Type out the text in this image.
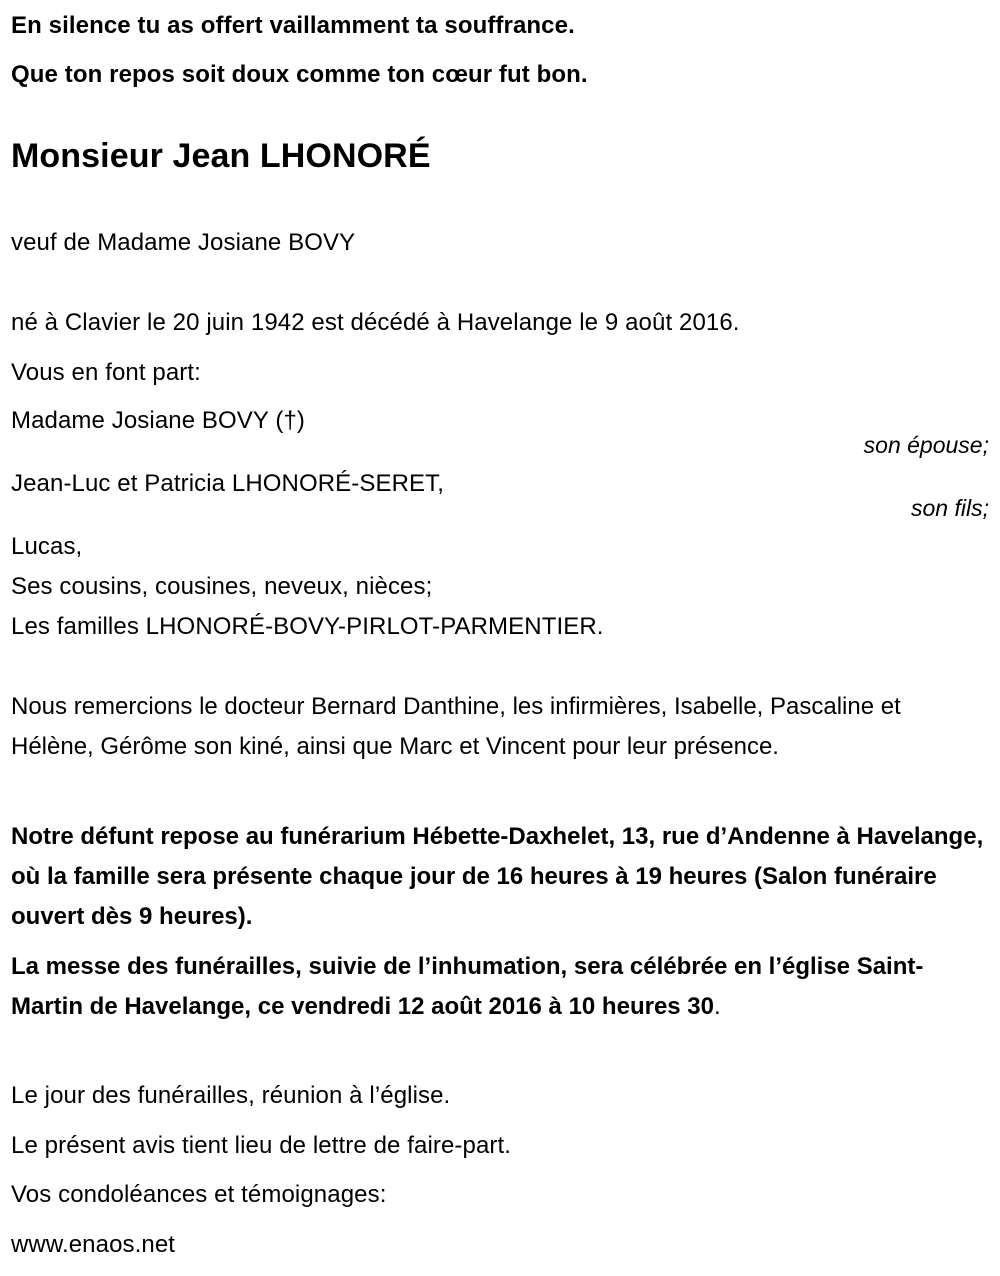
En silence tu as offert vaillamment ta souffrance.
Que ton repos soit doux comme ton cœur fut bon.
Monsieur Jean LHONORÉ
veuf de Madame Josiane BOVY
né à Clavier le 20 juin 1942 est décédé à Havelange le 9 août 2016.
Vous en font part:
Madame Josiane BOVY (†)
son épouse;
Jean-Luc et Patricia LHONORÉ-SERET,
son fils;
Lucas,
Ses cousins, cousines, neveux, nièces;
Les familles LHONORÉ-BOVY-PIRLOT-PARMENTIER.
Nous remercions le docteur Bernard Danthine, les infirmières, Isabelle, Pascaline et Hélène, Gérôme son kiné, ainsi que Marc et Vincent pour leur présence.
Notre défunt repose au funérarium Hébette-Daxhelet, 13, rue d’Andenne à Havelange, où la famille sera présente chaque jour de 16 heures à 19 heures (Salon funéraire ouvert dès 9 heures).
La messe des funérailles, suivie de l’inhumation, sera célébrée en l’église Saint-Martin de Havelange, ce vendredi 12 août 2016 à 10 heures 30.
Le jour des funérailles, réunion à l’église.
Le présent avis tient lieu de lettre de faire-part.
Vos condoléances et témoignages:
www.enaos.net
